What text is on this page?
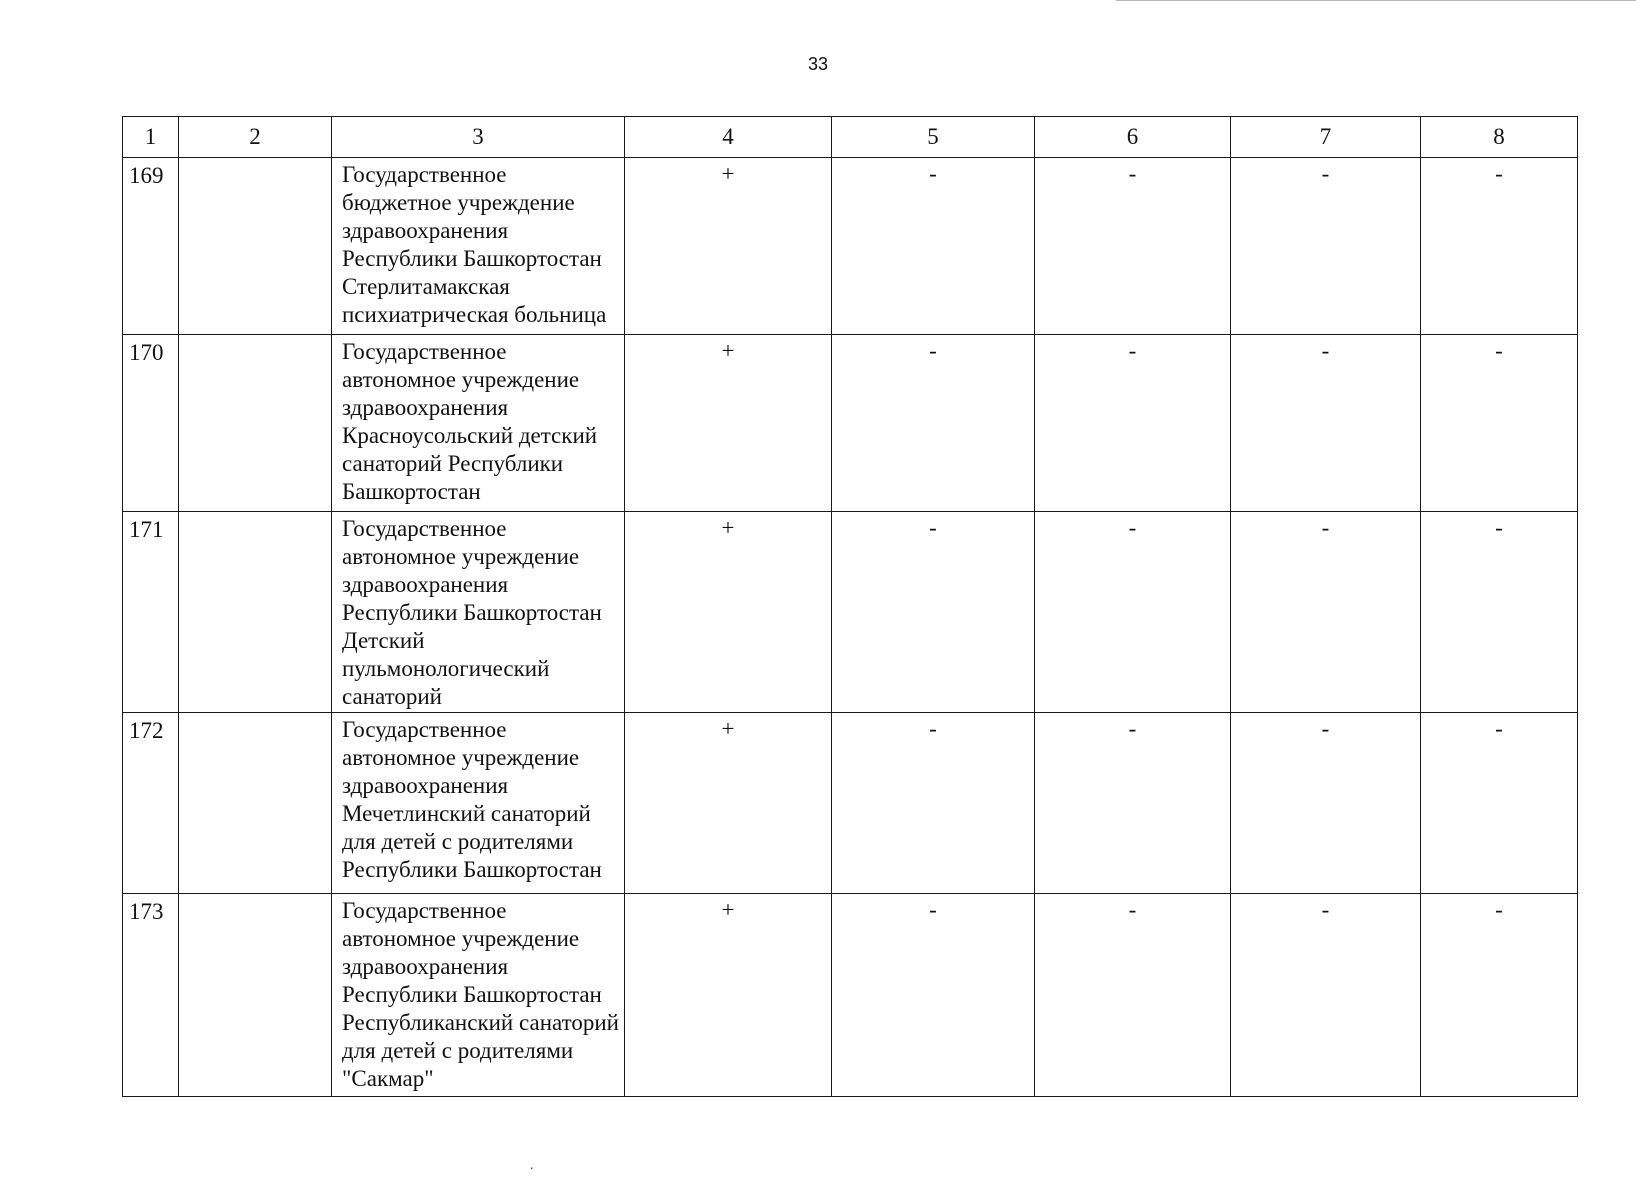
33
1	2	3	4	5	6	7	8
169		Государственное бюджетное учреждение здравоохранения Республики Башкортостан Стерлитамакская психиатрическая больница	+	-	-	-	-
170		Государственное автономное учреждение здравоохранения Красноусольский детский санаторий Республики Башкортостан	+	-	-	-	-
171		Государственное автономное учреждение здравоохранения Республики Башкортостан Детский пульмонологический санаторий	+	-	-	-	-
172		Государственное автономное учреждение здравоохранения Мечетлинский санаторий для детей с родителями Республики Башкортостан	+	-	-	-	-
173		Государственное автономное учреждение здравоохранения Республики Башкортостан Республиканский санаторий для детей с родителями "Сакмар"	+	-	-	-	-
.
